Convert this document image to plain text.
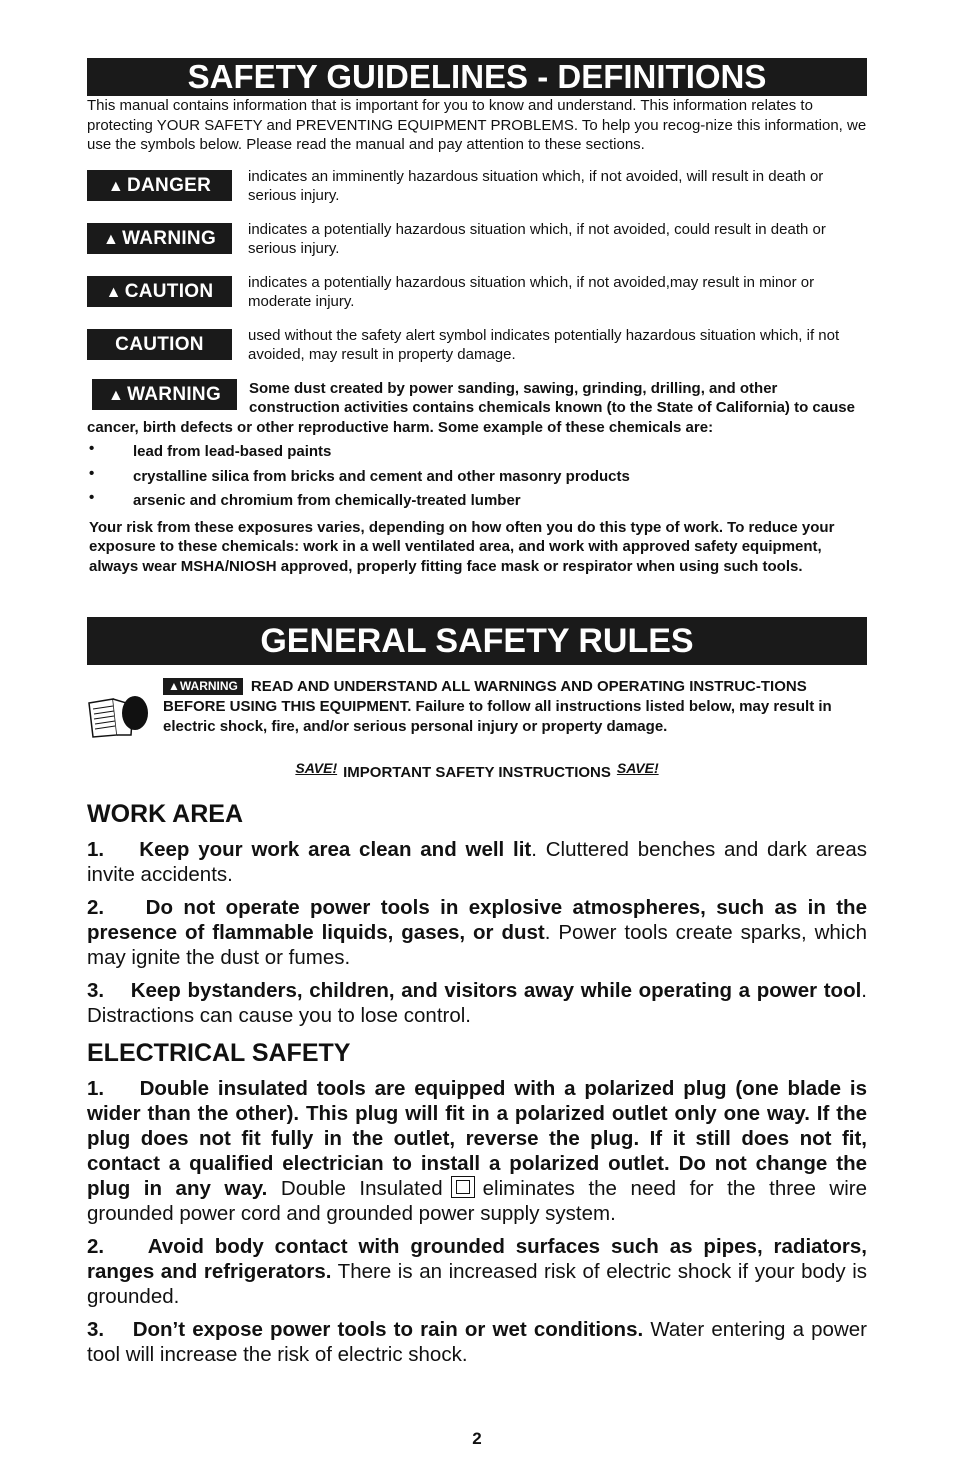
SAFETY GUIDELINES - DEFINITIONS

This manual contains information that is important for you to know and understand. This information relates to protecting YOUR SAFETY and PREVENTING EQUIPMENT PROBLEMS. To help you recog-nize this information, we use the symbols below. Please read the manual and pay attention to these sections.

▲ DANGER	indicates an imminently hazardous situation which, if not avoided, will result in death or serious injury.
▲ WARNING	indicates a potentially hazardous situation which, if not avoided, could result in death or serious injury.
▲ CAUTION	indicates a potentially hazardous situation which, if not avoided,may result in minor or moderate injury.
CAUTION	used without the safety alert symbol indicates potentially hazardous situation which, if not avoided, may result in property damage.
▲ WARNING	Some dust created by power sanding, sawing, grinding, drilling, and other construction activities contains chemicals known (to the State of California) to cause cancer, birth defects or other reproductive harm. Some example of these chemicals are:
•	lead from lead-based paints
•	crystalline silica from bricks and cement and other masonry products
•	arsenic and chromium from chemically-treated lumber
Your risk from these exposures varies, depending on how often you do this type of work. To reduce your exposure to these chemicals: work in a well ventilated area, and work with approved safety equipment, always wear MSHA/NIOSH approved, properly fitting face mask or respirator when using such tools.
GENERAL SAFETY RULES
▲WARNING READ AND UNDERSTAND ALL WARNINGS AND OPERATING INSTRUC-TIONS BEFORE USING THIS EQUIPMENT. Failure to follow all instructions listed below, may result in electric shock, fire, and/or serious personal injury or property damage.
SAVE! IMPORTANT SAFETY INSTRUCTIONS SAVE!
WORK AREA

1. Keep your work area clean and well lit. Cluttered benches and dark areas invite accidents.

2. Do not operate power tools in explosive atmospheres, such as in the presence of flammable liquids, gases, or dust. Power tools create sparks, which may ignite the dust or fumes.

3. Keep bystanders, children, and visitors away while operating a power tool. Distractions can cause you to lose control.

ELECTRICAL SAFETY

1. Double insulated tools are equipped with a polarized plug (one blade is wider than the other). This plug will fit in a polarized outlet only one way. If the plug does not fit fully in the outlet, reverse the plug. If it still does not fit, contact a qualified electrician to install a polarized outlet. Do not change the plug in any way. Double Insulated eliminates the need for the three wire grounded power cord and grounded power supply system.

2. Avoid body contact with grounded surfaces such as pipes, radiators, ranges and refrigerators. There is an increased risk of electric shock if your body is grounded.

3. Don’t expose power tools to rain or wet conditions. Water entering a power tool will increase the risk of electric shock.

2
